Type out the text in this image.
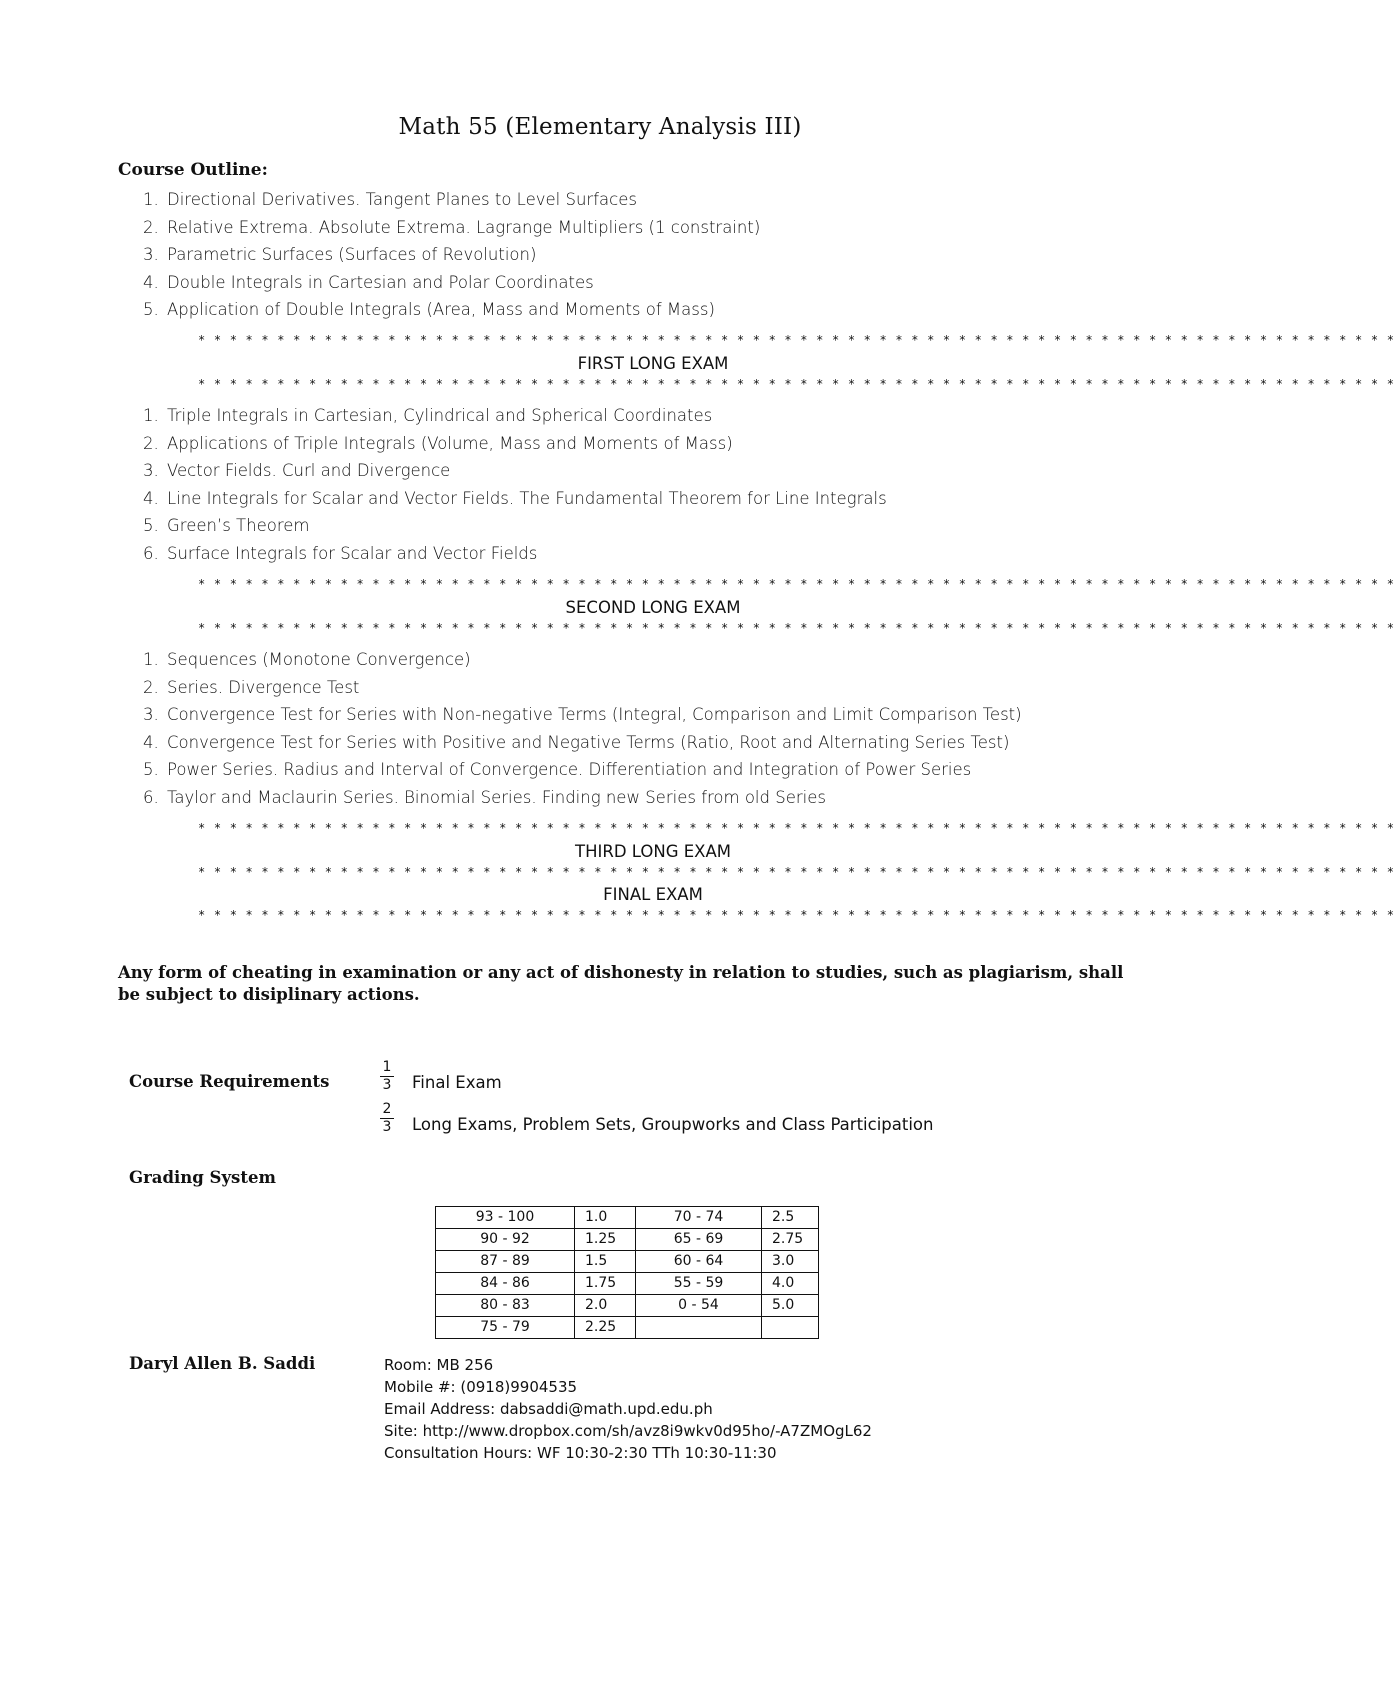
Math 55 (Elementary Analysis III)
Course Outline:
1. Directional Derivatives. Tangent Planes to Level Surfaces
2. Relative Extrema. Absolute Extrema. Lagrange Multipliers (1 constraint)
3. Parametric Surfaces (Surfaces of Revolution)
4. Double Integrals in Cartesian and Polar Coordinates
5. Application of Double Integrals (Area, Mass and Moments of Mass)
* * * * * * * * * * * * * * * * * * * * * * * * * * * * * * * * * * * * * * * * * * * * * * * * * * * * * * * * * * * * * * * * * * * * * * * * * * * *
FIRST LONG EXAM
* * * * * * * * * * * * * * * * * * * * * * * * * * * * * * * * * * * * * * * * * * * * * * * * * * * * * * * * * * * * * * * * * * * * * * * * * * * *
1. Triple Integrals in Cartesian, Cylindrical and Spherical Coordinates
2. Applications of Triple Integrals (Volume, Mass and Moments of Mass)
3. Vector Fields. Curl and Divergence
4. Line Integrals for Scalar and Vector Fields. The Fundamental Theorem for Line Integrals
5. Green’s Theorem
6. Surface Integrals for Scalar and Vector Fields
* * * * * * * * * * * * * * * * * * * * * * * * * * * * * * * * * * * * * * * * * * * * * * * * * * * * * * * * * * * * * * * * * * * * * * * * * * * *
SECOND LONG EXAM
* * * * * * * * * * * * * * * * * * * * * * * * * * * * * * * * * * * * * * * * * * * * * * * * * * * * * * * * * * * * * * * * * * * * * * * * * * * *
1. Sequences (Monotone Convergence)
2. Series. Divergence Test
3. Convergence Test for Series with Non-negative Terms (Integral, Comparison and Limit Comparison Test)
4. Convergence Test for Series with Positive and Negative Terms (Ratio, Root and Alternating Series Test)
5. Power Series. Radius and Interval of Convergence. Differentiation and Integration of Power Series
6. Taylor and Maclaurin Series. Binomial Series. Finding new Series from old Series
* * * * * * * * * * * * * * * * * * * * * * * * * * * * * * * * * * * * * * * * * * * * * * * * * * * * * * * * * * * * * * * * * * * * * * * * * * * *
THIRD LONG EXAM
* * * * * * * * * * * * * * * * * * * * * * * * * * * * * * * * * * * * * * * * * * * * * * * * * * * * * * * * * * * * * * * * * * * * * * * * * * * *
FINAL EXAM
* * * * * * * * * * * * * * * * * * * * * * * * * * * * * * * * * * * * * * * * * * * * * * * * * * * * * * * * * * * * * * * * * * * * * * * * * * * *
Any form of cheating in examination or any act of dishonesty in relation to studies, such as plagiarism, shall be subject to disiplinary actions.
Course Requirements
1
3 Final Exam
2
3 Long Exams, Problem Sets, Groupworks and Class Participation
Grading System
93 - 100	1.0	70 - 74	2.5
90 - 92	1.25	65 - 69	2.75
87 - 89	1.5	60 - 64	3.0
84 - 86	1.75	55 - 59	4.0
80 - 83	2.0	0 - 54	5.0
75 - 79	2.25		
Daryl Allen B. Saddi	Room: MB 256
Mobile #: (0918)9904535
Email Address: dabsaddi@math.upd.edu.ph
Site: http://www.dropbox.com/sh/avz8i9wkv0d95ho/-A7ZMOgL62
Consultation Hours: WF 10:30-2:30 TTh 10:30-11:30
